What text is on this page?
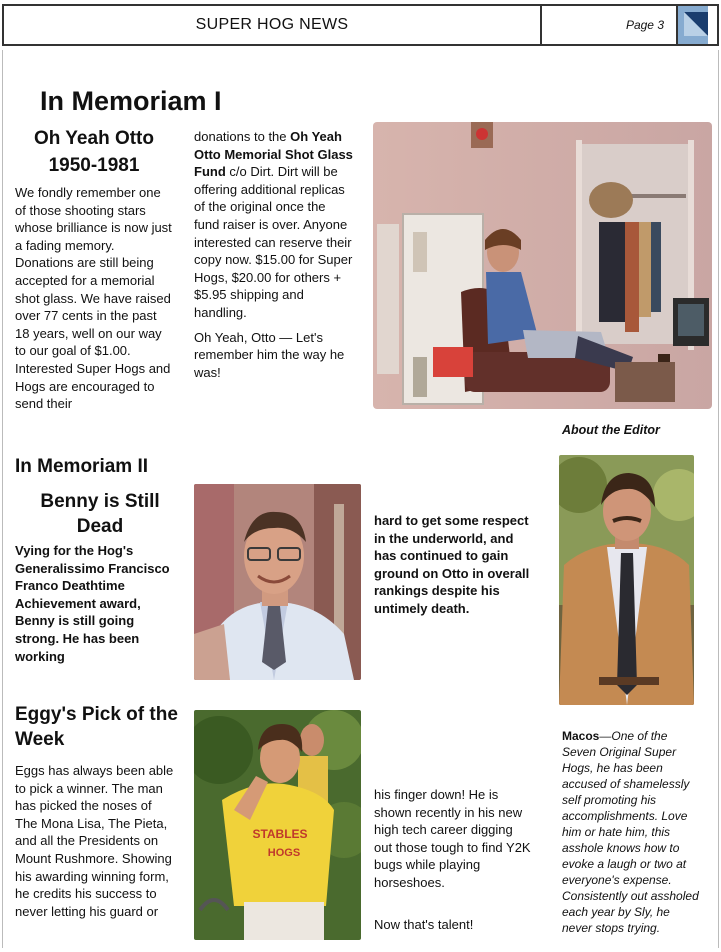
SUPER HOG NEWS	Page 3
In Memoriam I
Oh Yeah Otto
1950-1981
We fondly remember one of those shooting stars whose brilliance is now just a fading memory. Donations are still being accepted for a memorial shot glass. We have raised over 77 cents in the past 18 years, well on our way to our goal of $1.00. Interested Super Hogs and Hogs are encouraged to send their
donations to the Oh Yeah Otto Memorial Shot Glass Fund c/o Dirt. Dirt will be offering additional replicas of the original once the fund raiser is over. Anyone interested can reserve their copy now. $15.00 for Super Hogs, $20.00 for others + $5.95 shipping and handling.
Oh Yeah, Otto — Let's remember him the way he was!
About the Editor
In Memoriam II
Benny is Still Dead
Vying for the Hog's Generalissimo Francisco Franco Deathtime Achievement award, Benny is still going strong. He has been working
hard to get some respect in the underworld, and has continued to gain ground on Otto in overall rankings despite his untimely death.
Macos—One of the Seven Original Super Hogs, he has been accused of shamelessly self promoting his accomplishments. Love him or hate him, this asshole knows how to evoke a laugh or two at everyone's expense. Consistently out assholed each year by Sly, he never stops trying.
Eggy's Pick of the Week
Eggs has always been able to pick a winner. The man has picked the noses of The Mona Lisa, The Pieta, and all the Presidents on Mount Rushmore. Showing his awarding winning form, he credits his success to never letting his guard or
STABLES
HOGS
his finger down! He is shown recently in his new high tech career digging out those tough to find Y2K bugs while playing horseshoes.
Now that's talent!
